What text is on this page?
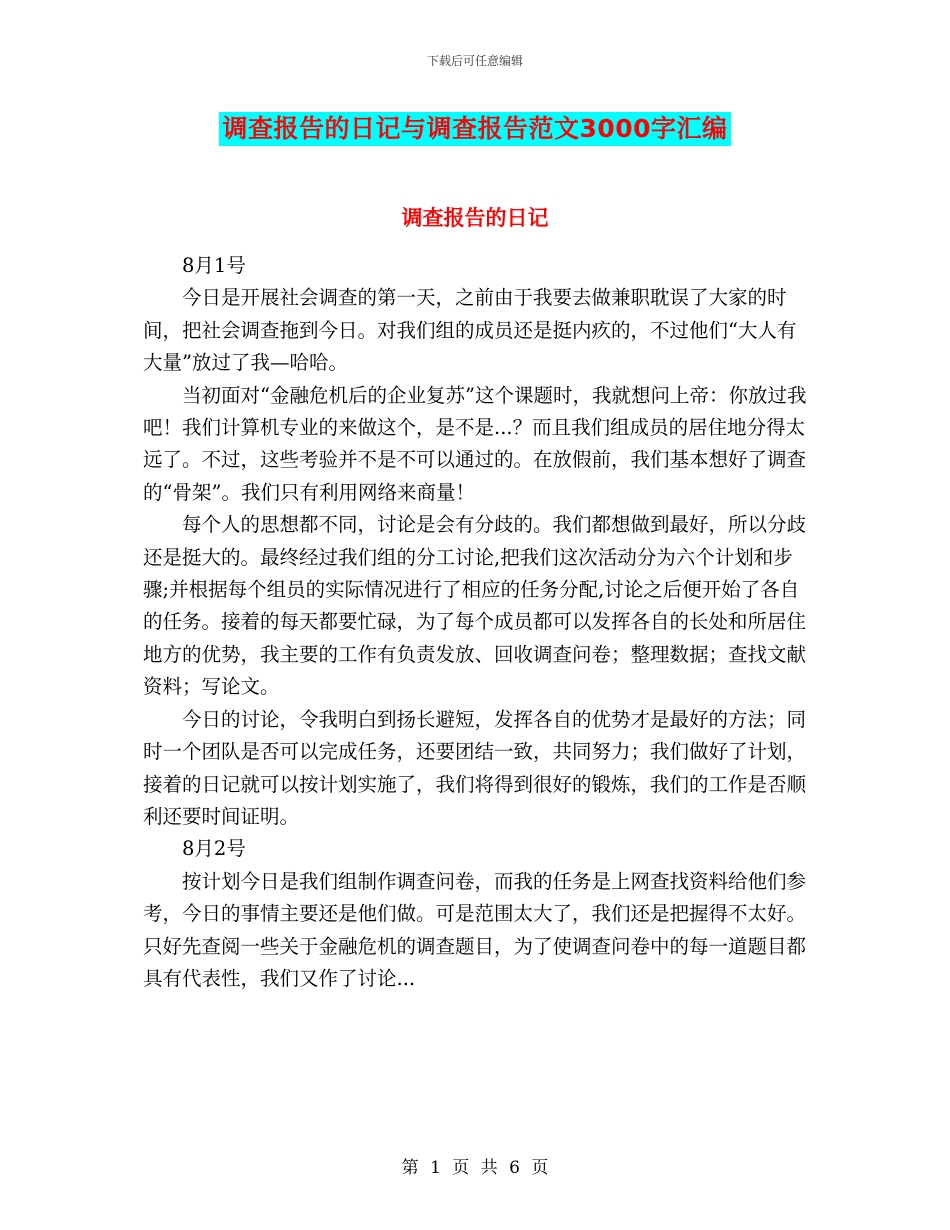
下载后可任意编辑
调查报告的日记与调查报告范文3000字汇编
调查报告的日记

8月1号

今日是开展社会调查的第一天，之前由于我要去做兼职耽误了大家的时间，把社会调查拖到今日。对我们组的成员还是挺内疚的，不过他们“大人有大量”放过了我—哈哈。

当初面对“金融危机后的企业复苏”这个课题时，我就想问上帝：你放过我吧！我们计算机专业的来做这个，是不是...？而且我们组成员的居住地分得太远了。不过，这些考验并不是不可以通过的。在放假前，我们基本想好了调查的“骨架”。我们只有利用网络来商量！

每个人的思想都不同，讨论是会有分歧的。我们都想做到最好，所以分歧还是挺大的。最终经过我们组的分工讨论,把我们这次活动分为六个计划和步骤;并根据每个组员的实际情况进行了相应的任务分配,讨论之后便开始了各自的任务。接着的每天都要忙碌，为了每个成员都可以发挥各自的长处和所居住地方的优势，我主要的工作有负责发放、回收调查问卷；整理数据；查找文献资料；写论文。

今日的讨论，令我明白到扬长避短，发挥各自的优势才是最好的方法；同时一个团队是否可以完成任务，还要团结一致，共同努力；我们做好了计划，接着的日记就可以按计划实施了，我们将得到很好的锻炼，我们的工作是否顺利还要时间证明。

8月2号

按计划今日是我们组制作调查问卷，而我的任务是上网查找资料给他们参考，今日的事情主要还是他们做。可是范围太大了，我们还是把握得不太好。只好先查阅一些关于金融危机的调查题目，为了使调查问卷中的每一道题目都具有代表性，我们又作了讨论...

第 1 页 共 6 页
